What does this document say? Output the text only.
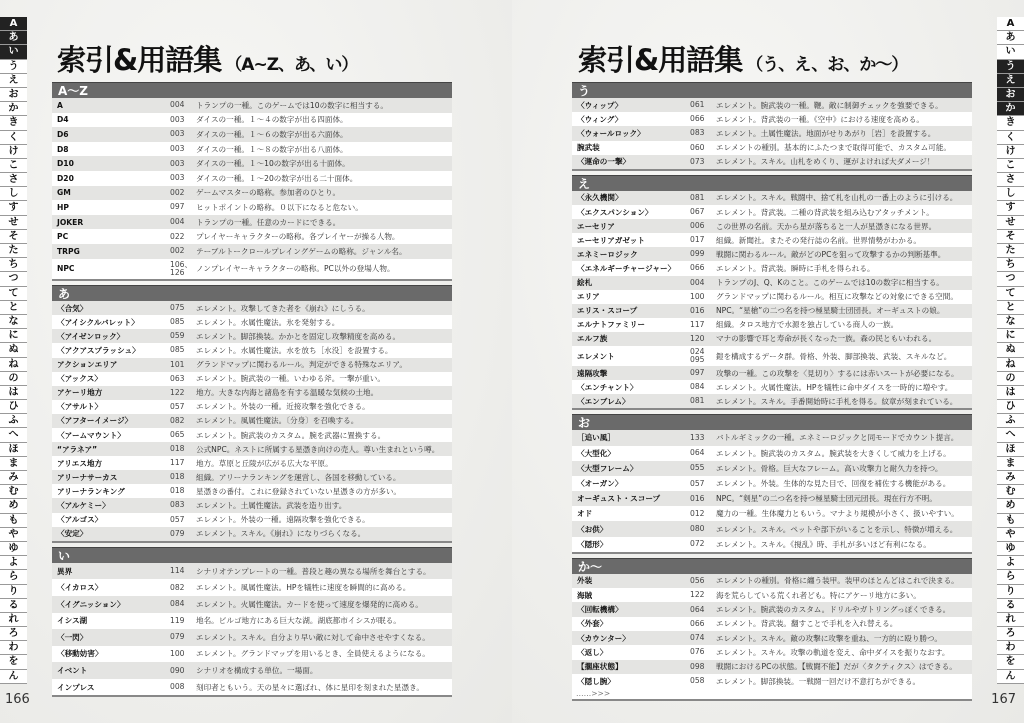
A
あ
い
う
え
お
か
き
く
け
こ
さ
し
す
せ
そ
た
ち
つ
て
と
な
に
ぬ
ね
の
は
ひ
ふ
へ
ほ
ま
み
む
め
も
や
ゆ
よ
ら
り
る
れ
ろ
わ
を
ん
索引&用語集 （A~Z、あ、い）
A～Z
A	004	トランプの一種。このゲームでは10の数字に相当する。
D4	003	ダイスの一種。１～４の数字が出る四面体。
D6	003	ダイスの一種。１～６の数字が出る六面体。
D8	003	ダイスの一種。１～８の数字が出る八面体。
D10	003	ダイスの一種。１～10の数字が出る十面体。
D20	003	ダイスの一種。１～20の数字が出る二十面体。
GM	002	ゲームマスターの略称。参加者のひとり。
HP	097	ヒットポイントの略称。０以下になると危ない。
JOKER	004	トランプの一種。任意のカードにできる。
PC	022	プレイヤーキャラクターの略称。各プレイヤーが操る人物。
TRPG	002	テーブルトークロールプレイングゲームの略称。ジャンル名。
NPC	106、126	ノンプレイヤーキャラクターの略称。PC以外の登場人物。
あ
〈合気〉	075	エレメント。攻撃してきた者を《崩れ》にしうる。
〈アイシクルバレット〉	085	エレメント。水属性魔法。氷を発射する。
〈アイゼンロック〉	059	エレメント。脚部換装。かかとを固定し攻撃精度を高める。
〈アクアスプラッシュ〉	085	エレメント。水属性魔法。水を放ち［水没］を設置する。
アクションエリア	101	グランドマップに関わるルール。判定ができる特殊なエリア。
〈アックス〉	063	エレメント。腕武装の一種。いわゆる斧。一撃が重い。
アケーリ地方	122	地方。大きな内海と諸島を有する温暖な気候の土地。
〈アサルト〉	057	エレメント。外装の一種。近接攻撃を強化できる。
〈アフターイメージ〉	082	エレメント。風属性魔法。〔分身〕を召喚する。
〈アームマウント〉	065	エレメント。腕武装のカスタム。腕を武器に置換する。
“アラネア”	018	公式NPC。ネストに所属する星憑き向けの売人。尊い生まれという噂。
アリエス地方	117	地方。草原と丘陵が広がる広大な平原。
アリーナサーカス	018	組織。アリーナランキングを運営し、各国を移動している。
アリーナランキング	018	星憑きの番付。これに登録されていない星憑きの方が多い。
〈アルケミー〉	083	エレメント。土属性魔法。武装を造り出す。
〈アルゴス〉	057	エレメント。外装の一種。遠隔攻撃を強化できる。
〈安定〉	079	エレメント。スキル。《崩れ》になりづらくなる。
い
異界	114	シナリオテンプレートの一種。普段と趣の異なる場所を舞台とする。
〈イカロス〉	082	エレメント。風属性魔法。HPを犠牲に速度を瞬間的に高める。
〈イグニッション〉	084	エレメント。火属性魔法。カードを使って速度を爆発的に高める。
イシス湖	119	地名。ビルゴ地方にある巨大な湖。湖底都市イシスが眠る。
〈一閃〉	079	エレメント。スキル。自分より早い敵に対して命中させやすくなる。
〈移動妨害〉	100	エレメント。グランドマップを用いるとき、全員使えるようになる。
イベント	090	シナリオを構成する単位。一場面。
インプレス	008	刻印者ともいう。天の星々に選ばれ、体に星印を刻まれた星憑き。
166
A
あ
い
う
え
お
か
き
く
け
こ
さ
し
す
せ
そ
た
ち
つ
て
と
な
に
ぬ
ね
の
は
ひ
ふ
へ
ほ
ま
み
む
め
も
や
ゆ
よ
ら
り
る
れ
ろ
わ
を
ん
索引&用語集 （う、え、お、か～）
う
〈ウィップ〉	061	エレメント。腕武装の一種。鞭。敵に制御チェックを強要できる。
〈ウィング〉	066	エレメント。背武装の一種。《空中》における速度を高める。
〈ウォールロック〉	083	エレメント。土属性魔法。地面がせりあがり［岩］を設置する。
腕武装	060	エレメントの種別。基本的にふたつまで取得可能で、カスタム可能。
〈運命の一撃〉	073	エレメント。スキル。山札をめくり、運がよければ大ダメージ！
え
〈永久機関〉	081	エレメント。スキル。戦闘中、捨て札を山札の一番上のように引ける。
〈エクスパンション〉	067	エレメント。背武装。二種の背武装を組み込むアタッチメント。
エーセリア	006	この世界の名前。天から星が落ちると一人が星憑きになる世界。
エーセリアガゼット	017	組織。新聞社。またその発行誌の名前。世界情勢がわかる。
エネミーロジック	099	戦闘に関わるルール。敵がどのPCを狙って攻撃するかの判断基準。
〈エネルギーチャージャー〉	066	エレメント。背武装。瞬時に手札を得られる。
絵札	004	トランプのJ、Q、Kのこと。このゲームでは10の数字に相当する。
エリア	100	グランドマップに関わるルール。相互に攻撃などの対象にできる空間。
エリス・スコープ	016	NPC。“星槍”の二つ名を持つ極星騎士団団長。オーギュストの娘。
エルナトファミリー	117	組織。タロス地方で水源を独占している商人の一族。
エルフ族	120	マナの影響で耳と寿命が長くなった一族。森の民ともいわれる。
エレメント	024 095	鎧を構成するデータ群。骨格、外装、脚部換装、武装、スキルなど。
遠隔攻撃	097	攻撃の一種。この攻撃を〈見切り〉するには赤いスートが必要になる。
〈エンチャント〉	084	エレメント。火属性魔法。HPを犠牲に命中ダイスを一時的に増やす。
〈エンブレム〉	081	エレメント。スキル。手番開始時に手札を得る。紋章が刻まれている。
お
［追い風］	133	バトルギミックの一種。エネミーロジックと同モードでカウント提言。
〈大型化〉	064	エレメント。腕武装のカスタム。腕武装を大きくして威力を上げる。
〈大型フレーム〉	055	エレメント。骨格。巨大なフレーム。高い攻撃力と耐久力を持つ。
〈オーガン〉	057	エレメント。外装。生体的な見た目で、回復を補佐する機能がある。
オーギュスト・スコープ	016	NPC。“剣星”の二つ名を持つ極星騎士団元団長。現在行方不明。
オド	012	魔力の一種。生体魔力ともいう。マナより規模が小さく、扱いやすい。
〈お供〉	080	エレメント。スキル。ペットや部下がいることを示し、特徴が増える。
〈隠形〉	072	エレメント。スキル。《撹乱》時、手札が多いほど有利になる。
か～
外装	056	エレメントの種別。骨格に纏う装甲。装甲のほとんどはこれで決まる。
海賊	122	海を荒らしている荒くれ者ども。特にアケーリ地方に多い。
〈回転機構〉	064	エレメント。腕武装のカスタム。ドリルやガトリングっぽくできる。
〈外套〉	066	エレメント。背武装。翻すことで手札を入れ替える。
〈カウンター〉	074	エレメント。スキル。敵の攻撃に攻撃を重ね、一方的に殴り勝つ。
〈返し〉	076	エレメント。スキル。攻撃の軌道を変え、命中ダイスを振りなおす。
【擱座状態】	098	戦闘におけるPCの状態。【戦闘不能】だが〈タクティクス〉はできる。
〈隠し腕〉	058	エレメント。脚部換装。一戦闘一回だけ不意打ちができる。
……>>>	167
